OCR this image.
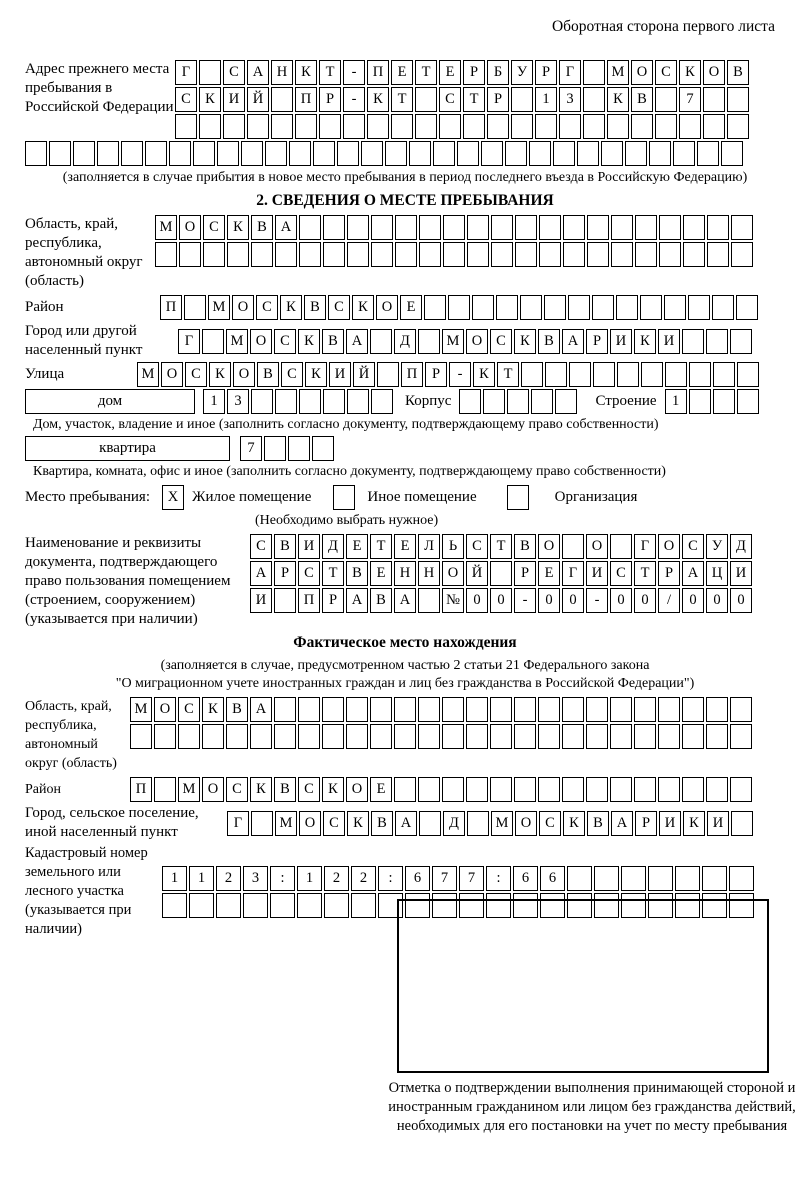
Оборотная сторона первого листа
Адрес прежнего места пребывания в Российской Федерации
Г	С А Н К	Т	-	П Е	Т	Е	Р	Б	У	Р	Г	М О С К О В
С К И Й	П	Р	-	К	Т	С	Т	Р	1	3	К В	7
(заполняется в случае прибытия в новое место пребывания в период последнего въезда в Российскую Федерацию)
2. СВЕДЕНИЯ О МЕСТЕ ПРЕБЫВАНИЯ
Область, край, республика, автономный округ (область)
М О С К В А
Район	П	М О С К В С К О Е
Город или другой населенный пункт
Г	М О С К В А	Д	М О С К В А	Р	И К И
Улица	М О С К О В С К И Й	П	Р	-	К	Т
дом	1	3	Корпус	Строение	1
Дом, участок, владение и иное (заполнить согласно документу, подтверждающему право собственности)
квартира	7
Квартира, комната, офис и иное (заполнить согласно документу, подтверждающему право собственности)
Место пребывания:	X Жилое помещение	Иное помещение	Организация
(Необходимо выбрать нужное)
Наименование и реквизиты документа, подтверждающего право пользования помещением (строением, сооружением) (указывается при наличии)
С В И Д	Е	Т	Е	Л	Ь	С	Т	В О	О	Г	О С У Д
А	Р	С	Т	В	Е Н Н О Й	Р	Е	Г	И С	Т	Р	А Ц И
И	П	Р	А В А	№ 0	0	-	0	0	-	0	0	/	0	0	0
Фактическое место нахождения
(заполняется в случае, предусмотренном частью 2 статьи 21 Федерального закона
"О миграционном учете иностранных граждан и лиц без гражданства в Российской Федерации")
Область, край, республика, автономный округ (область)
М О С К В А
Район	П	М О С К В С К О Е
Город, сельское поселение, иной населенный пункт
Г	М О С К В А	Д	М О С К В А	Р	И К И
Кадастровый номер земельного или лесного участка (указывается при наличии)
1	1	2	3	:	1	2	2	:	6	7	7	:	6	6
Отметка о подтверждении выполнения принимающей стороной и иностранным гражданином или лицом без гражданства действий, необходимых для его постановки на учет по месту пребывания
